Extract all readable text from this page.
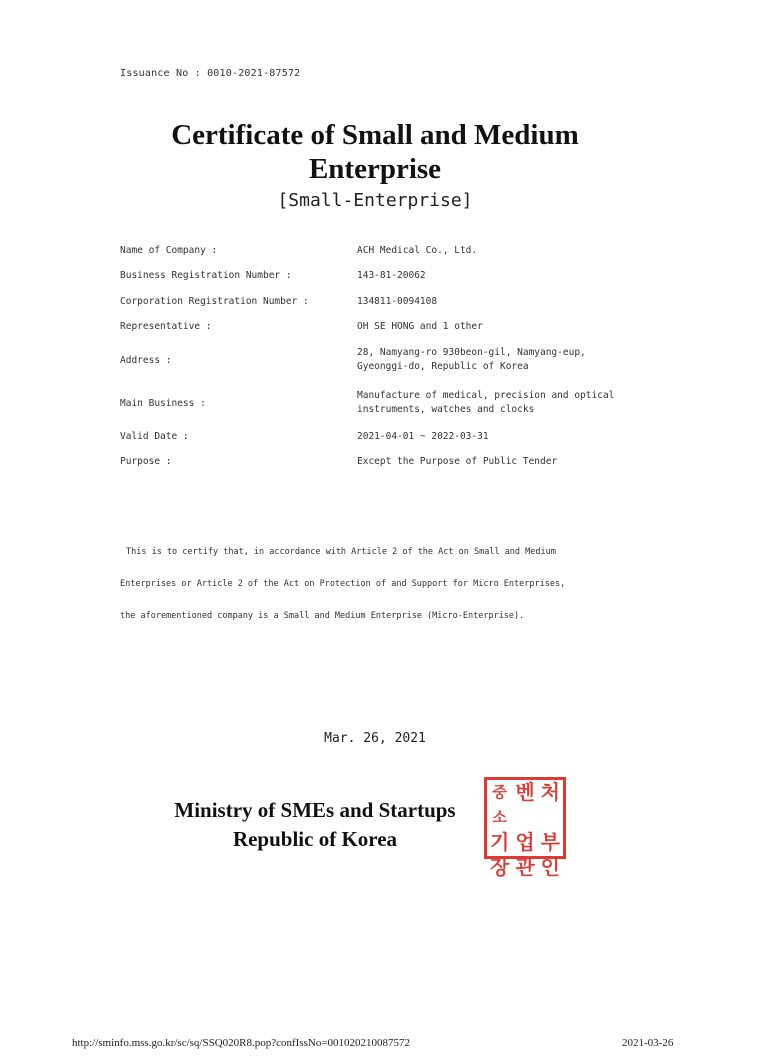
Issuance No : 0010-2021-87572
Certificate of Small and Medium
Enterprise
[Small-Enterprise]
Name of Company :	ACH Medical Co., Ltd.
Business Registration Number :	143-81-20062
Corporation Registration Number :	134811-0094108
Representative :	OH SE HONG and 1 other
Address :
28, Namyang-ro 930beon-gil, Namyang-eup,
Gyeonggi-do, Republic of Korea
Main Business :
Manufacture of medical, precision and optical
instruments, watches and clocks
Valid Date :	2021-04-01 ~ 2022-03-31
Purpose :	Except the Purpose of Public Tender
This is to certify that, in accordance with Article 2 of the Act on Small and Medium
Enterprises or Article 2 of the Act on Protection of and Support for Micro Enterprises,
the aforementioned company is a Small and Medium Enterprise (Micro-Enterprise).
Mar. 26, 2021
Ministry of SMEs and Startups
Republic of Korea
중소
벤 처
기 업 부
장 관 인
http://sminfo.mss.go.kr/sc/sq/SSQ020R8.pop?confIssNo=001020210087572	2021-03-26
